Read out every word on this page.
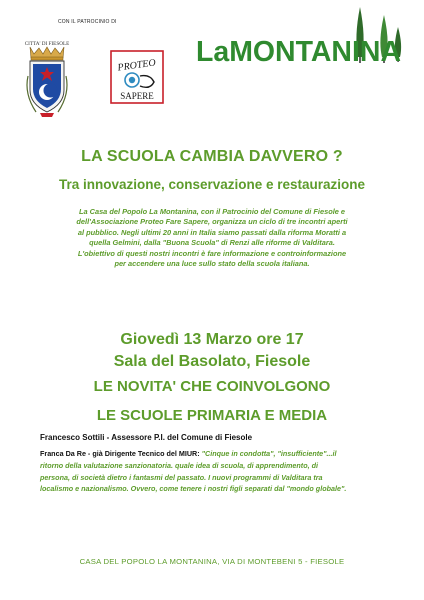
CON IL PATROCINIO DI
CITTA' DI FIESOLE
PROTEO
SAPERE
LaMONTANINA
LA SCUOLA CAMBIA DAVVERO ?
Tra innovazione, conservazione e restaurazione
La Casa del Popolo La Montanina, con il Patrocinio del Comune di Fiesole e
dell'Associazione Proteo Fare Sapere, organizza un ciclo di tre incontri aperti
al pubblico. Negli ultimi 20 anni in Italia siamo passati dalla riforma Moratti a
quella Gelmini, dalla "Buona Scuola" di Renzi alle riforme di Valditara.
L'obiettivo di questi nostri incontri è fare informazione e controinformazione
per accendere una luce sullo stato della scuola italiana.
Giovedì 13 Marzo ore 17
Sala del Basolato, Fiesole
LE NOVITA' CHE COINVOLGONO
LE SCUOLE PRIMARIA E MEDIA
Francesco Sottili - Assessore P.I. del Comune di Fiesole
Franca Da Re - già Dirigente Tecnico del MIUR: "Cinque in condotta", "insufficiente"...il
ritorno della valutazione sanzionatoria. quale idea di scuola, di apprendimento, di
persona, di società dietro i fantasmi del passato. I nuovi programmi di Valditara tra
localismo e nazionalismo. Ovvero, come tenere i nostri figli separati dal "mondo globale".
CASA DEL POPOLO LA MONTANINA, VIA DI MONTEBENI 5 - FIESOLE
